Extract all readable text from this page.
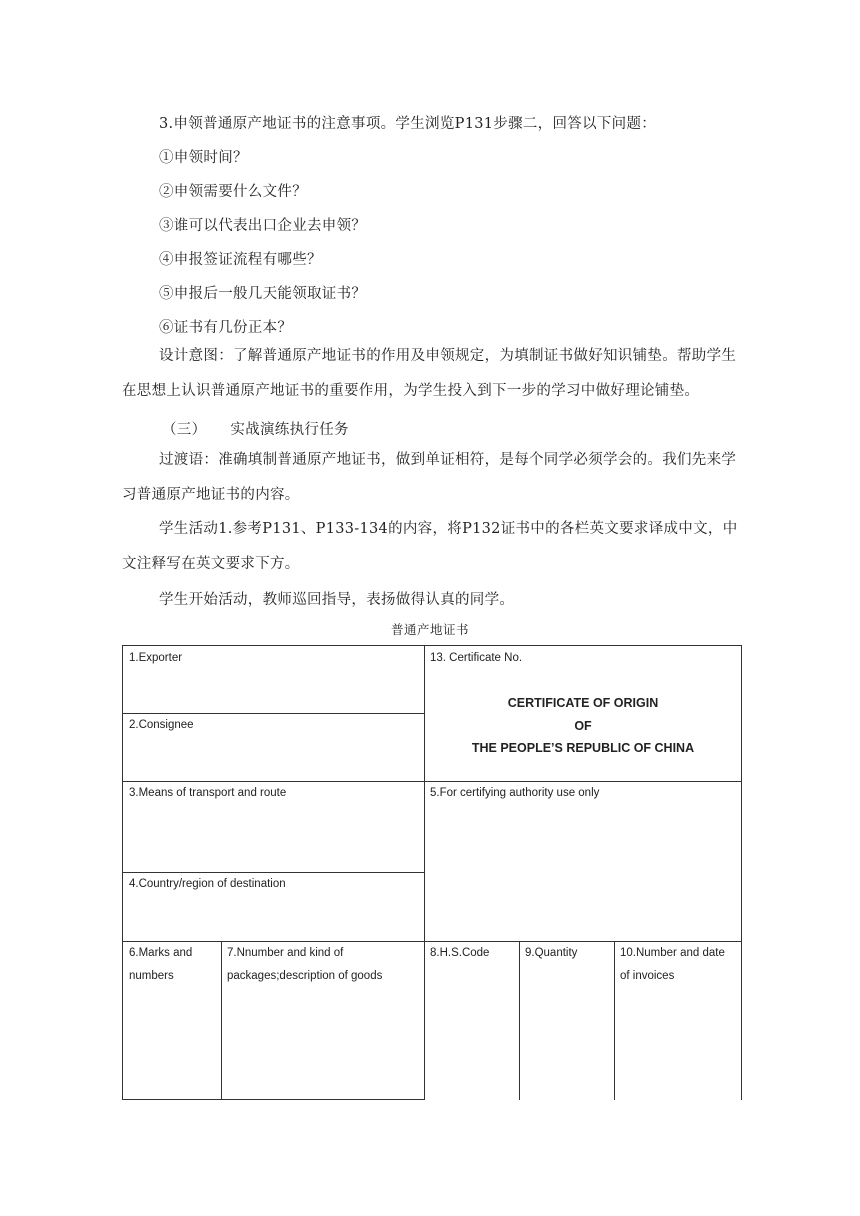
3.申领普通原产地证书的注意事项。学生浏览P131步骤二，回答以下问题：
①申领时间？
②申领需要什么文件？
③谁可以代表出口企业去申领？
④申报签证流程有哪些？
⑤申报后一般几天能领取证书？
⑥证书有几份正本？

设计意图：了解普通原产地证书的作用及申领规定，为填制证书做好知识铺垫。帮助学生在思想上认识普通原产地证书的重要作用，为学生投入到下一步的学习中做好理论铺垫。

（三） 实战演练执行任务

过渡语：准确填制普通原产地证书，做到单证相符，是每个同学必须学会的。我们先来学习普通原产地证书的内容。

学生活动1.参考P131、P133-134的内容，将P132证书中的各栏英文要求译成中文，中文注释写在英文要求下方。

学生开始活动，教师巡回指导，表扬做得认真的同学。
普通产地证书
1.Exporter
2.Consignee
13. Certificate No.
CERTIFICATE OF ORIGIN
OF
THE PEOPLE’S REPUBLIC OF CHINA
3.Means of transport and route
4.Country/region of destination
5.For certifying authority use only
6.Marks and numbers
7.Nnumber and kind of packages;description of goods
8.H.S.Code	9.Quantity	10.Number and date of invoices
